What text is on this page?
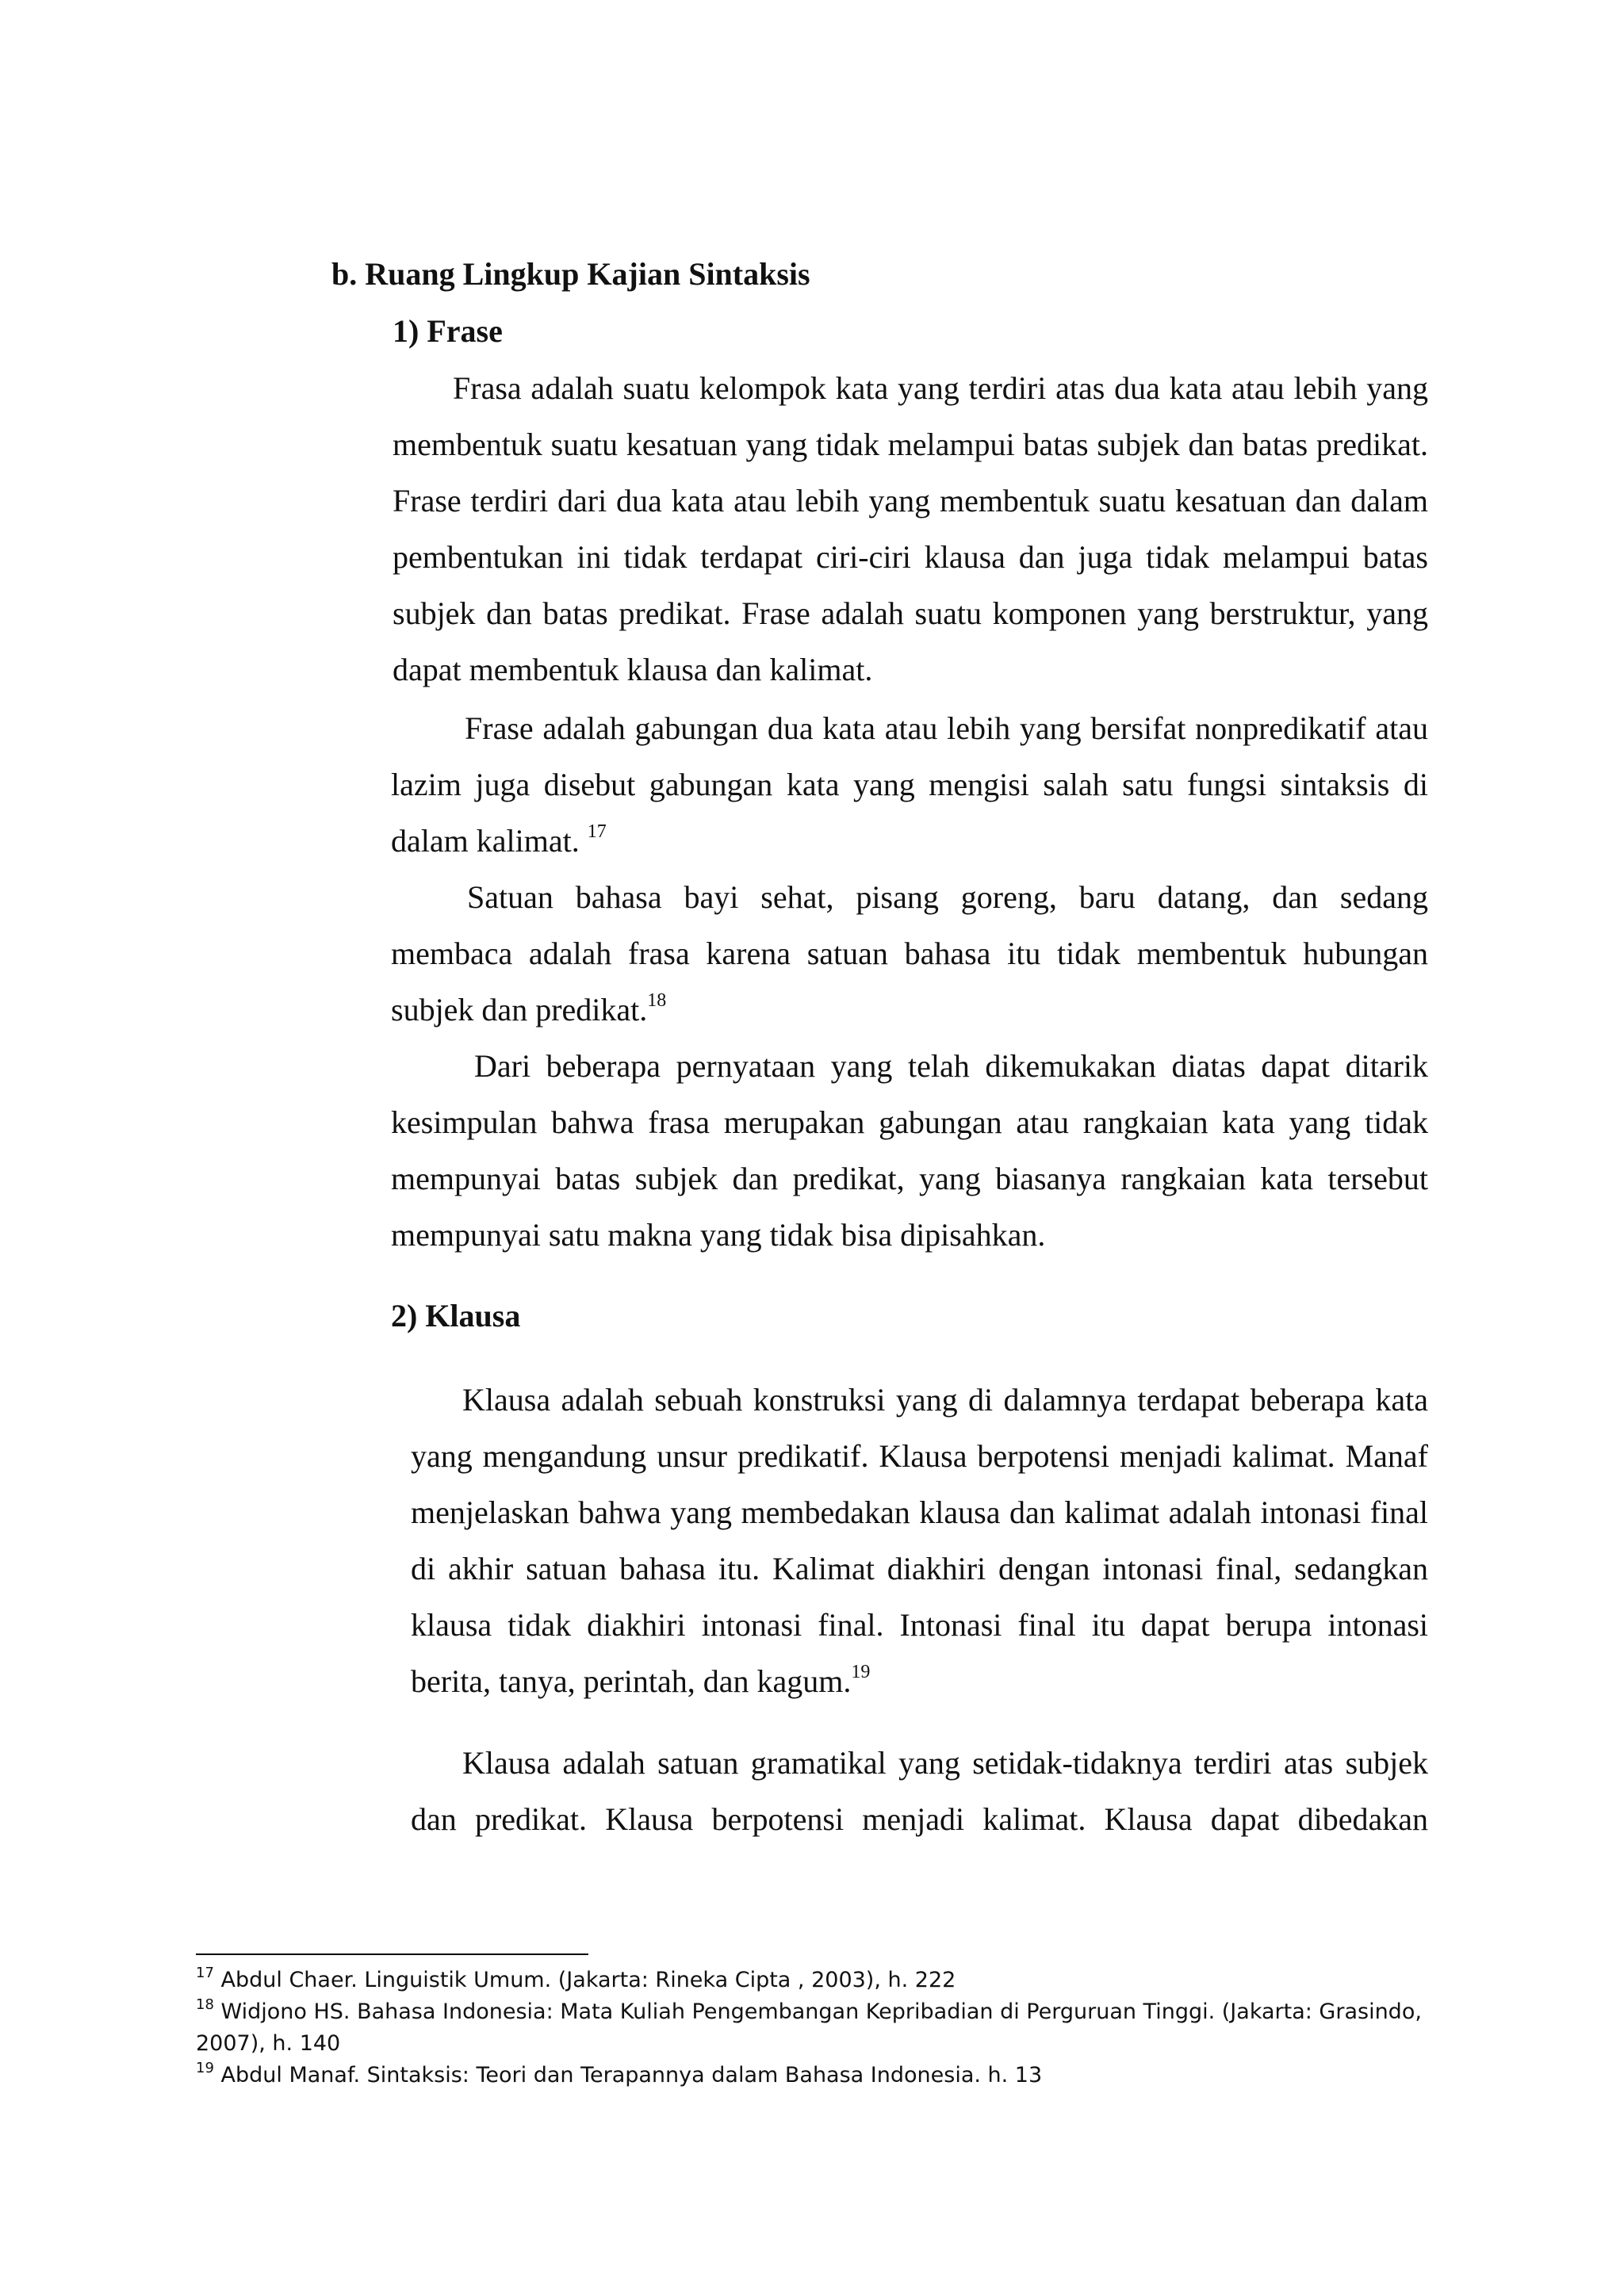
b. Ruang Lingkup Kajian Sintaksis
1) Frase

Frasa adalah suatu kelompok kata yang terdiri atas dua kata atau lebih yang membentuk suatu kesatuan yang tidak melampui batas subjek dan batas predikat. Frase terdiri dari dua kata atau lebih yang membentuk suatu kesatuan dan dalam pembentukan ini tidak terdapat ciri-ciri klausa dan juga tidak melampui batas subjek dan batas predikat. Frase adalah suatu komponen yang berstruktur, yang dapat membentuk klausa dan kalimat.

Frase adalah gabungan dua kata atau lebih yang bersifat nonpredikatif atau lazim juga disebut gabungan kata yang mengisi salah satu fungsi sintaksis di dalam kalimat. $^{17}$

Satuan bahasa bayi sehat, pisang goreng, baru datang, dan sedang membaca adalah frasa karena satuan bahasa itu tidak membentuk hubungan subjek dan predikat.$^{18}$

Dari beberapa pernyataan yang telah dikemukakan diatas dapat ditarik kesimpulan bahwa frasa merupakan gabungan atau rangkaian kata yang tidak mempunyai batas subjek dan predikat, yang biasanya rangkaian kata tersebut mempunyai satu makna yang tidak bisa dipisahkan.

2) Klausa

Klausa adalah sebuah konstruksi yang di dalamnya terdapat beberapa kata yang mengandung unsur predikatif. Klausa berpotensi menjadi kalimat. Manaf menjelaskan bahwa yang membedakan klausa dan kalimat adalah intonasi final di akhir satuan bahasa itu. Kalimat diakhiri dengan intonasi final, sedangkan klausa tidak diakhiri intonasi final. Intonasi final itu dapat berupa intonasi berita, tanya, perintah, dan kagum.$^{19}$

Klausa adalah satuan gramatikal yang setidak-tidaknya terdiri atas subjek dan predikat. Klausa berpotensi menjadi kalimat. Klausa dapat dibedakan

$^{17}$ Abdul Chaer. Linguistik Umum. (Jakarta: Rineka Cipta , 2003), h. 222

$^{18}$ Widjono HS. Bahasa Indonesia: Mata Kuliah Pengembangan Kepribadian di Perguruan Tinggi. (Jakarta: Grasindo, 2007), h. 140

$^{19}$ Abdul Manaf. Sintaksis: Teori dan Terapannya dalam Bahasa Indonesia. h. 13
